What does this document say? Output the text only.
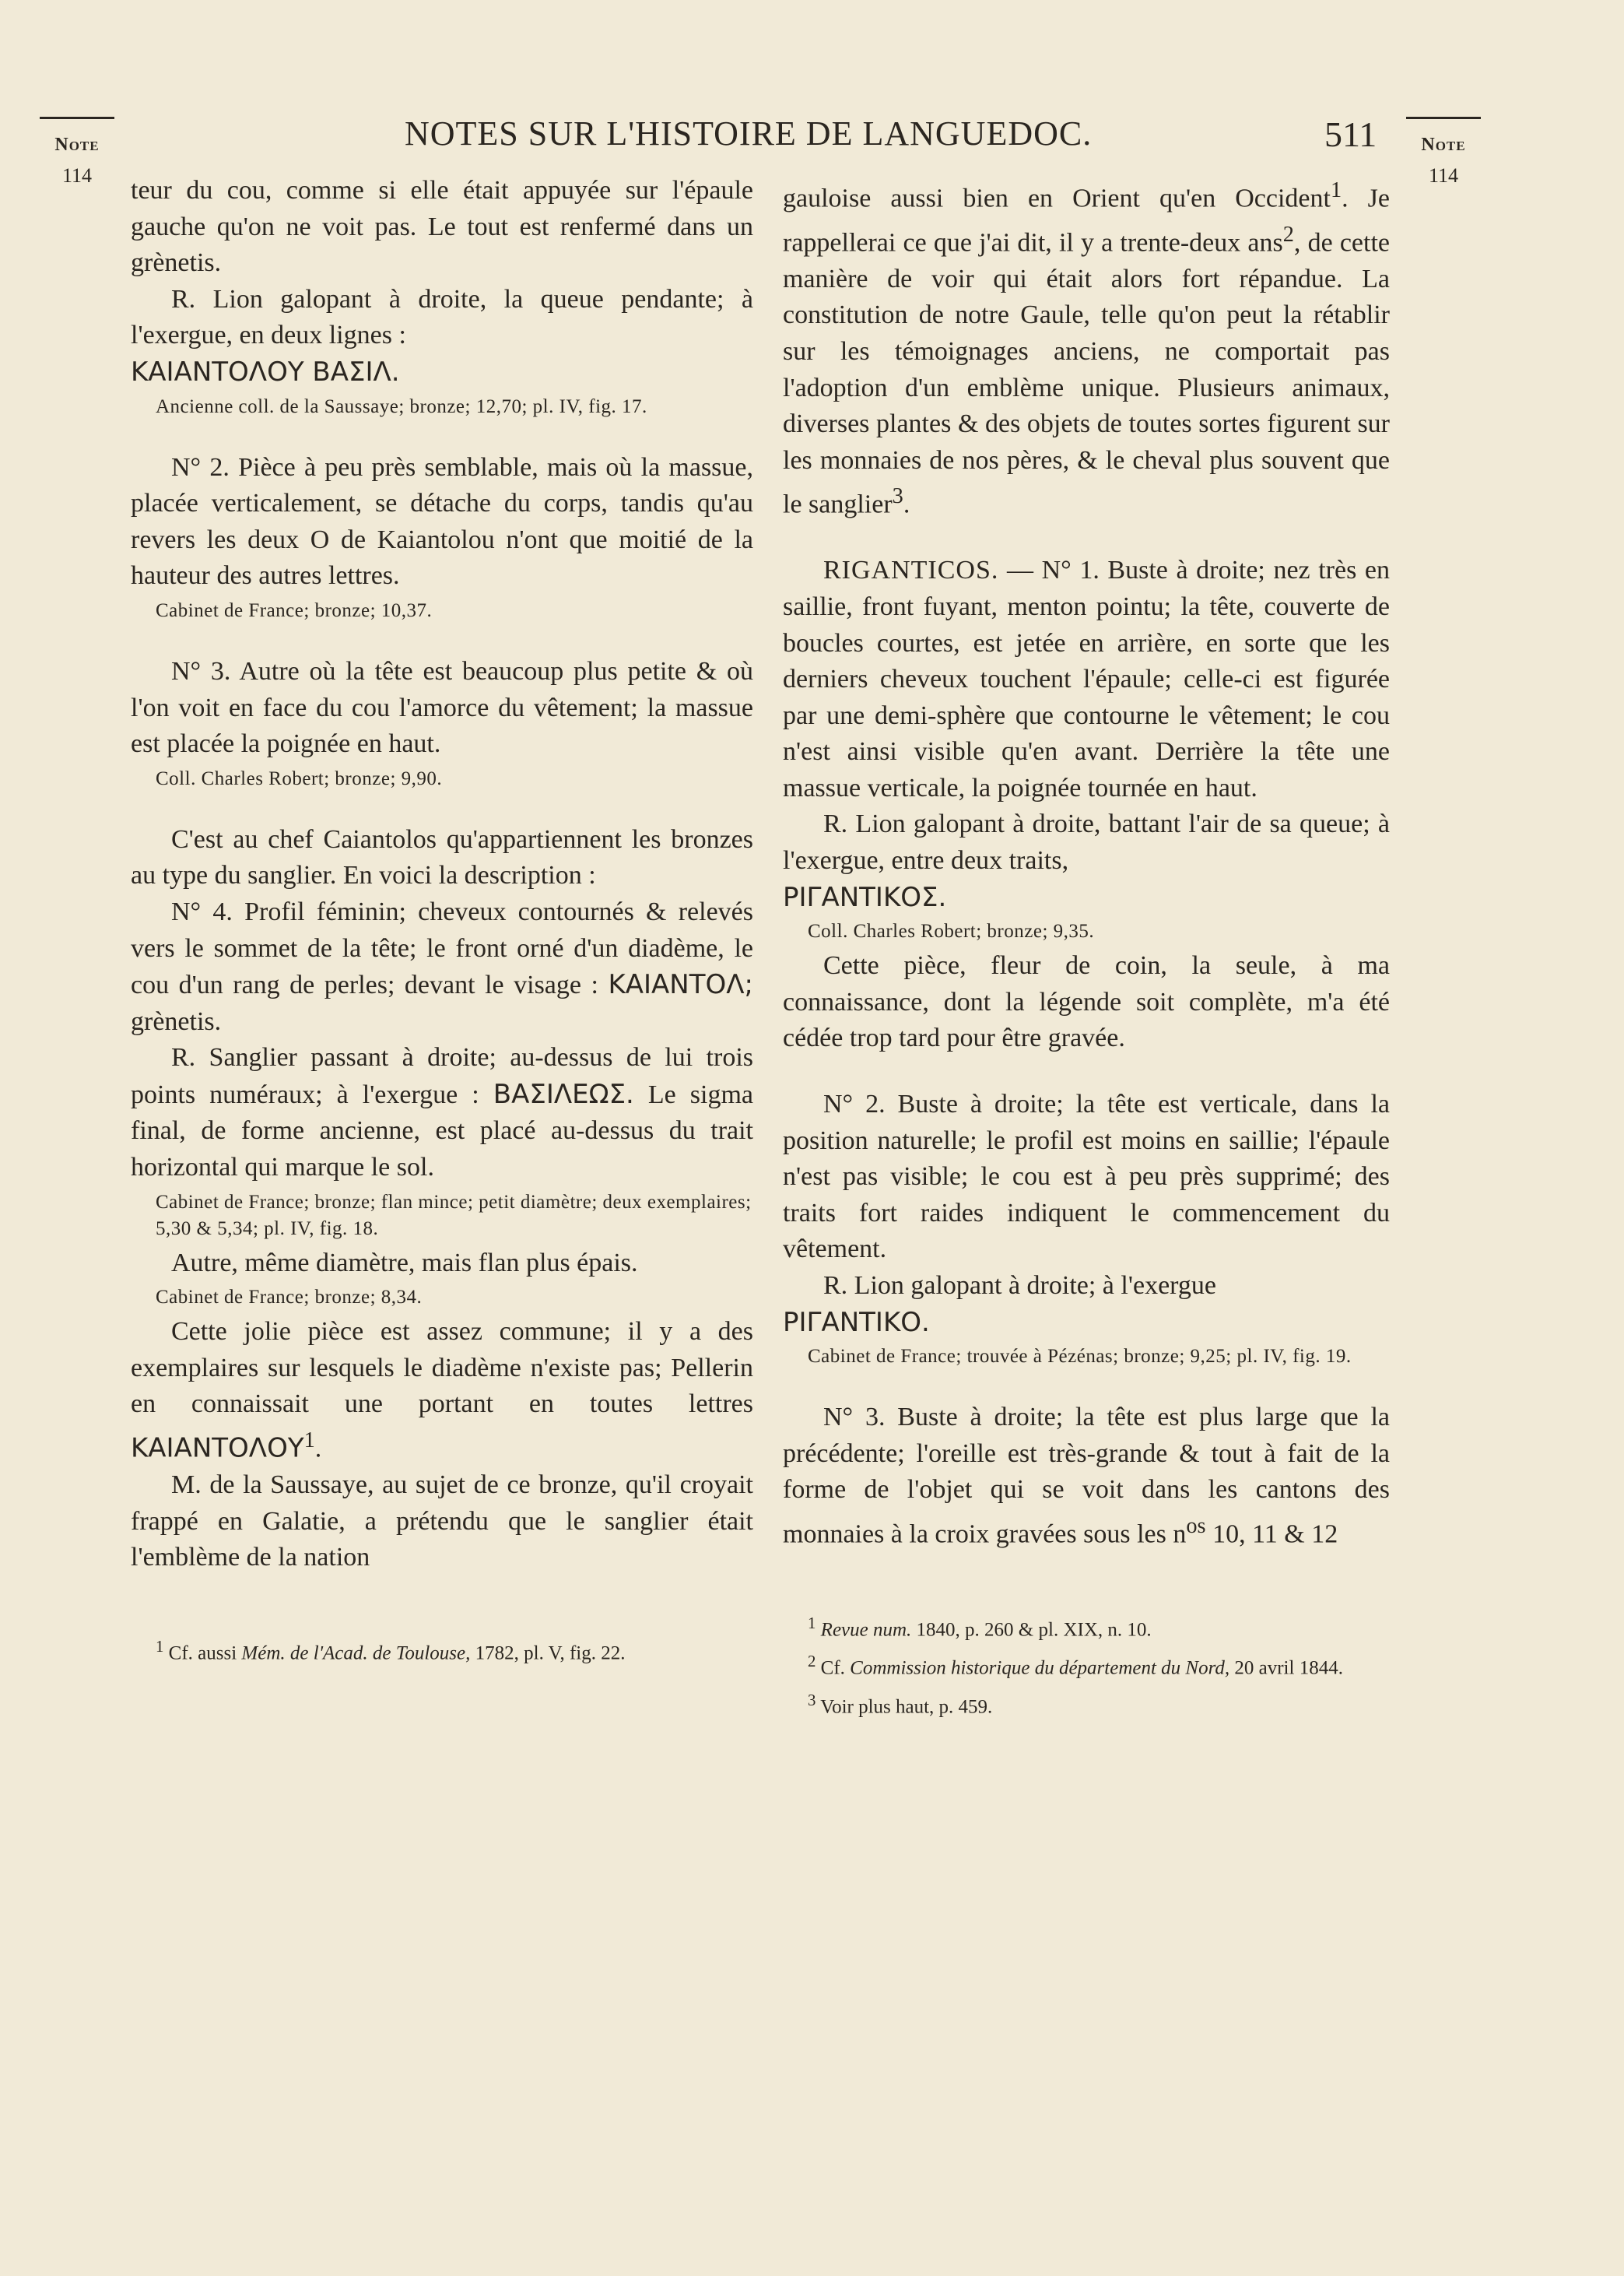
Note
114
NOTES SUR L'HISTOIRE DE LANGUEDOC.	511	Note
114

teur du cou, comme si elle était appuyée sur l'épaule gauche qu'on ne voit pas. Le tout est renfermé dans un grènetis.

R. Lion galopant à droite, la queue pendante; à l'exergue, en deux lignes :

ΚΑΙΑΝΤΟΛΟΥ ΒΑΣΙΛ.

Ancienne coll. de la Saussaye; bronze; 12,70; pl. IV, fig. 17.

N° 2. Pièce à peu près semblable, mais où la massue, placée verticalement, se détache du corps, tandis qu'au revers les deux O de Kaiantolou n'ont que moitié de la hauteur des autres lettres.

Cabinet de France; bronze; 10,37.

N° 3. Autre où la tête est beaucoup plus petite & où l'on voit en face du cou l'amorce du vêtement; la massue est placée la poignée en haut.

Coll. Charles Robert; bronze; 9,90.

C'est au chef Caiantolos qu'appartiennent les bronzes au type du sanglier. En voici la description :

N° 4. Profil féminin; cheveux contournés & relevés vers le sommet de la tête; le front orné d'un diadème, le cou d'un rang de perles; devant le visage : ΚΑΙΑΝΤΟΛ; grènetis.

R. Sanglier passant à droite; au-dessus de lui trois points numéraux; à l'exergue : ΒΑΣΙΛΕΩΣ. Le sigma final, de forme ancienne, est placé au-dessus du trait horizontal qui marque le sol.

Cabinet de France; bronze; flan mince; petit diamètre; deux exemplaires; 5,30 & 5,34; pl. IV, fig. 18.

Autre, même diamètre, mais flan plus épais.

Cabinet de France; bronze; 8,34.

Cette jolie pièce est assez commune; il y a des exemplaires sur lesquels le diadème n'existe pas; Pellerin en connaissait une portant en toutes lettres ΚΑΙΑΝΤΟΛΟΥ$^1$.

M. de la Saussaye, au sujet de ce bronze, qu'il croyait frappé en Galatie, a prétendu que le sanglier était l'emblème de la nation

$^1$ Cf. aussi Mém. de l'Acad. de Toulouse, 1782, pl. V, fig. 22.

gauloise aussi bien en Orient qu'en Occident$^1$. Je rappellerai ce que j'ai dit, il y a trente-deux ans$^2$, de cette manière de voir qui était alors fort répandue. La constitution de notre Gaule, telle qu'on peut la rétablir sur les témoignages anciens, ne comportait pas l'adoption d'un emblème unique. Plusieurs animaux, diverses plantes & des objets de toutes sortes figurent sur les monnaies de nos pères, & le cheval plus souvent que le sanglier$^3$.

RIGANTICOS. — N° 1. Buste à droite; nez très en saillie, front fuyant, menton pointu; la tête, couverte de boucles courtes, est jetée en arrière, en sorte que les derniers cheveux touchent l'épaule; celle-ci est figurée par une demi-sphère que contourne le vêtement; le cou n'est ainsi visible qu'en avant. Derrière la tête une massue verticale, la poignée tournée en haut.

R. Lion galopant à droite, battant l'air de sa queue; à l'exergue, entre deux traits,

ΡΙΓΑΝΤΙΚΟΣ.

Coll. Charles Robert; bronze; 9,35.

Cette pièce, fleur de coin, la seule, à ma connaissance, dont la légende soit complète, m'a été cédée trop tard pour être gravée.

N° 2. Buste à droite; la tête est verticale, dans la position naturelle; le profil est moins en saillie; l'épaule n'est pas visible; le cou est à peu près supprimé; des traits fort raides indiquent le commencement du vêtement.

R. Lion galopant à droite; à l'exergue

ΡΙΓΑΝΤΙΚΟ.

Cabinet de France; trouvée à Pézénas; bronze; 9,25; pl. IV, fig. 19.

N° 3. Buste à droite; la tête est plus large que la précédente; l'oreille est très-grande & tout à fait de la forme de l'objet qui se voit dans les cantons des monnaies à la croix gravées sous les $n^{os}$ 10, 11 & 12

$^1$ Revue num. 1840, p. 260 & pl. XIX, n. 10.

$^2$ Cf. Commission historique du département du Nord, 20 avril 1844.

$^3$ Voir plus haut, p. 459.
